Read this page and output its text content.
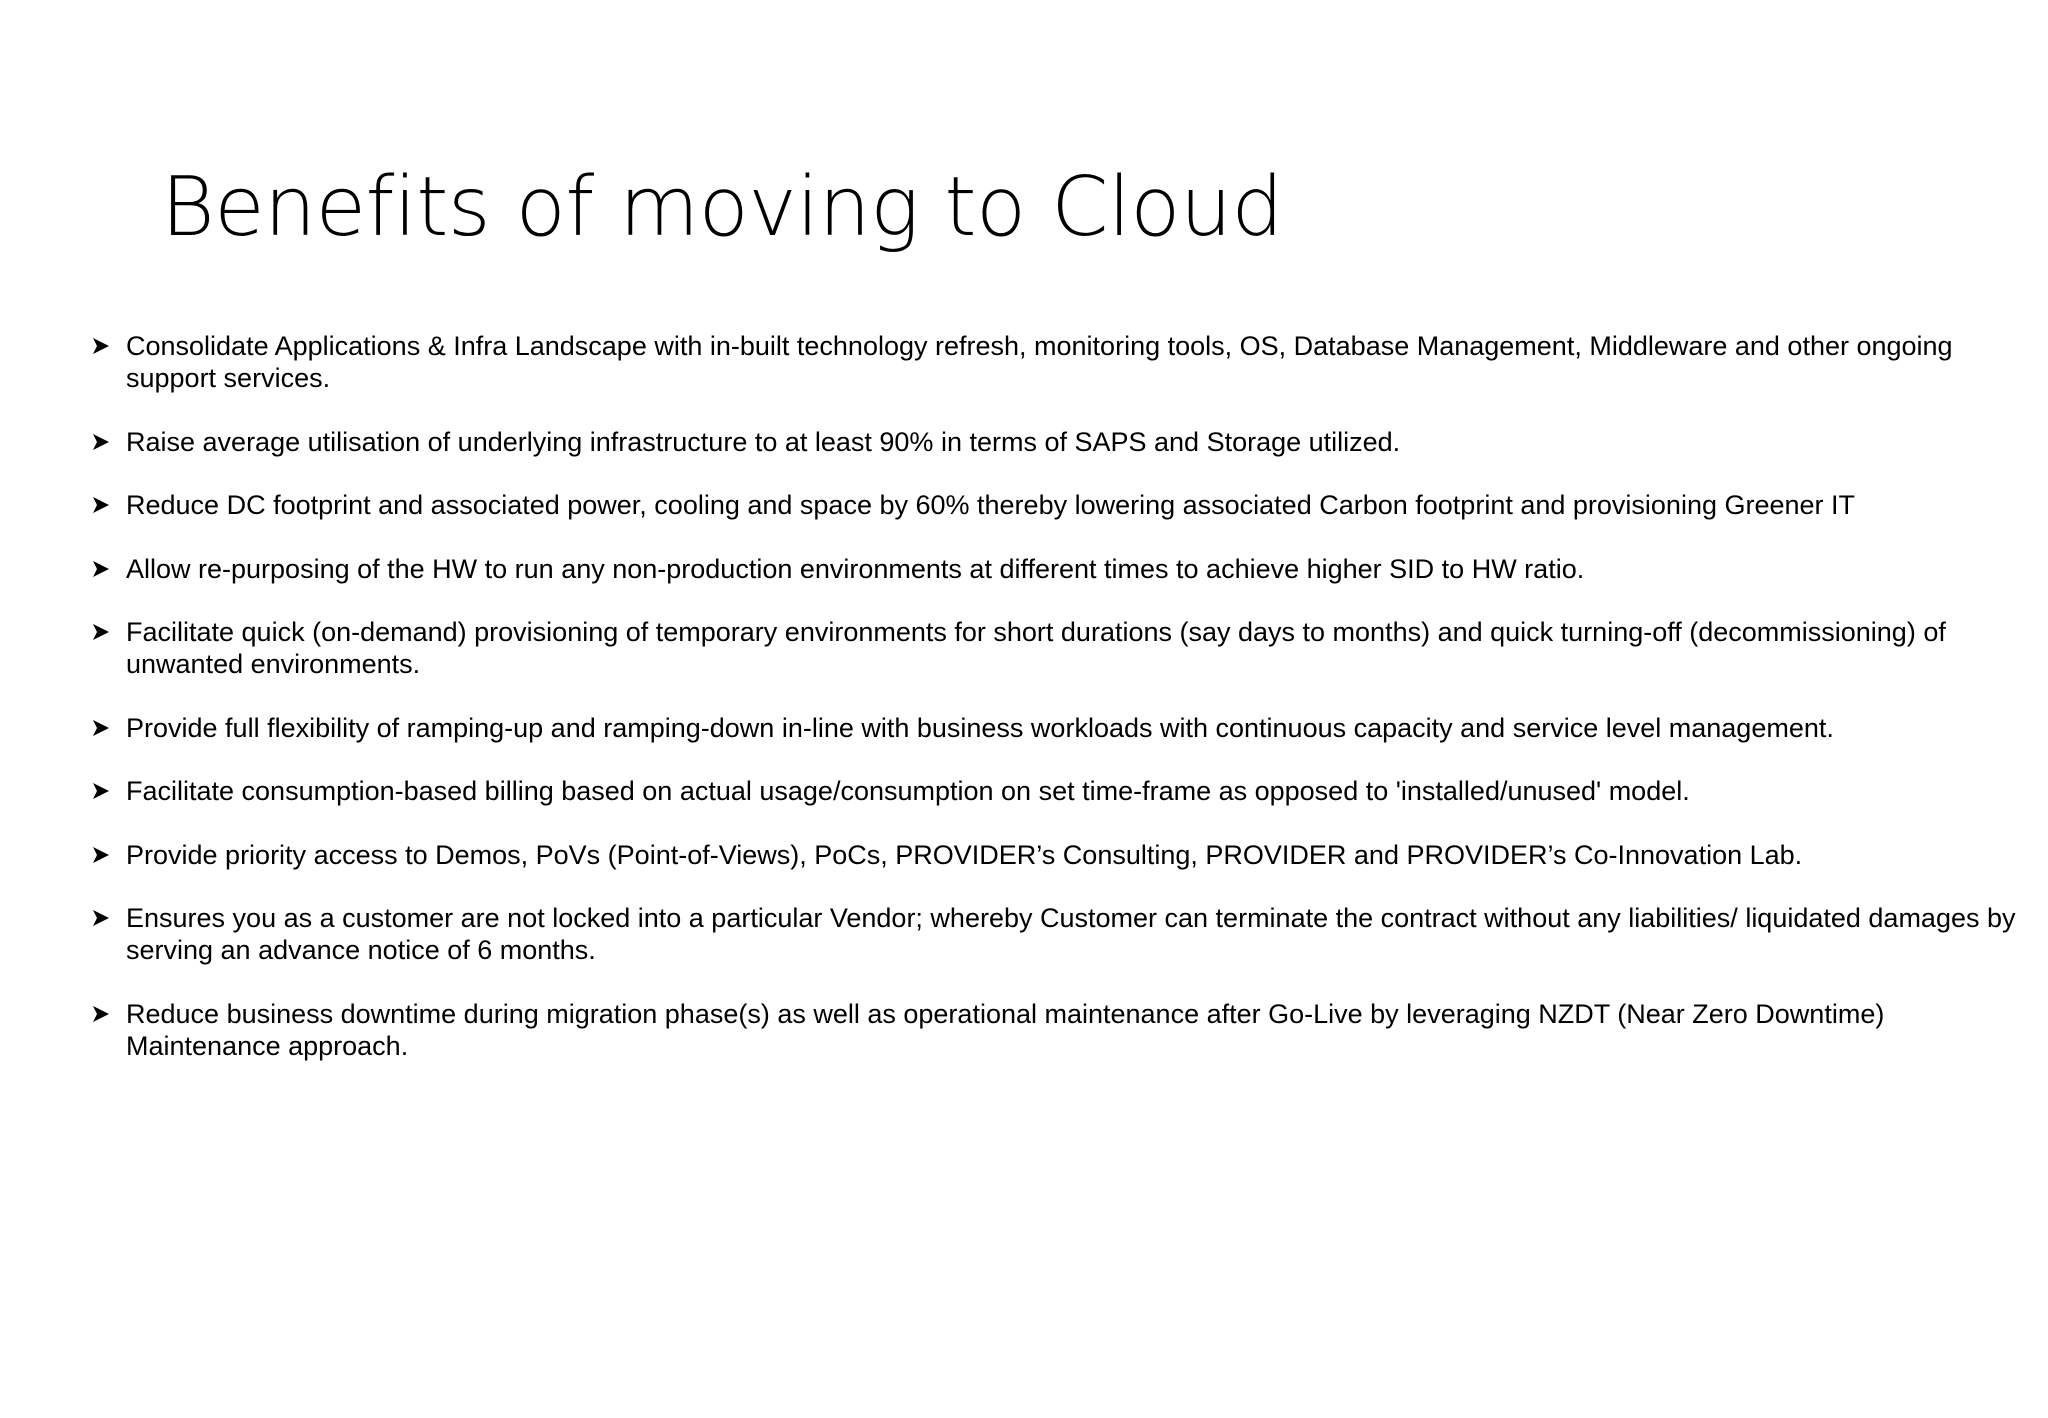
Benefits of moving to Cloud
Consolidate Applications & Infra Landscape with in-built technology refresh, monitoring tools, OS, Database Management, Middleware and other ongoing support services.
Raise average utilisation of underlying infrastructure to at least 90% in terms of SAPS and Storage utilized.
Reduce DC footprint and associated power, cooling and space by 60% thereby lowering associated Carbon footprint and provisioning Greener IT
Allow re-purposing of the HW to run any non-production environments at different times to achieve higher SID to HW ratio.
Facilitate quick (on-demand) provisioning of temporary environments for short durations (say days to months) and quick turning-off (decommissioning) of unwanted environments.
Provide full flexibility of ramping-up and ramping-down in-line with business workloads with continuous capacity and service level management.
Facilitate consumption-based billing based on actual usage/consumption on set time-frame as opposed to 'installed/unused' model.
Provide priority access to Demos, PoVs (Point-of-Views), PoCs, PROVIDER’s Consulting, PROVIDER and PROVIDER’s Co-Innovation Lab.
Ensures you as a customer are not locked into a particular Vendor; whereby Customer can terminate the contract without any liabilities/ liquidated damages by serving an advance notice of 6 months.
Reduce business downtime during migration phase(s) as well as operational maintenance after Go-Live by leveraging NZDT (Near Zero Downtime) Maintenance approach.
